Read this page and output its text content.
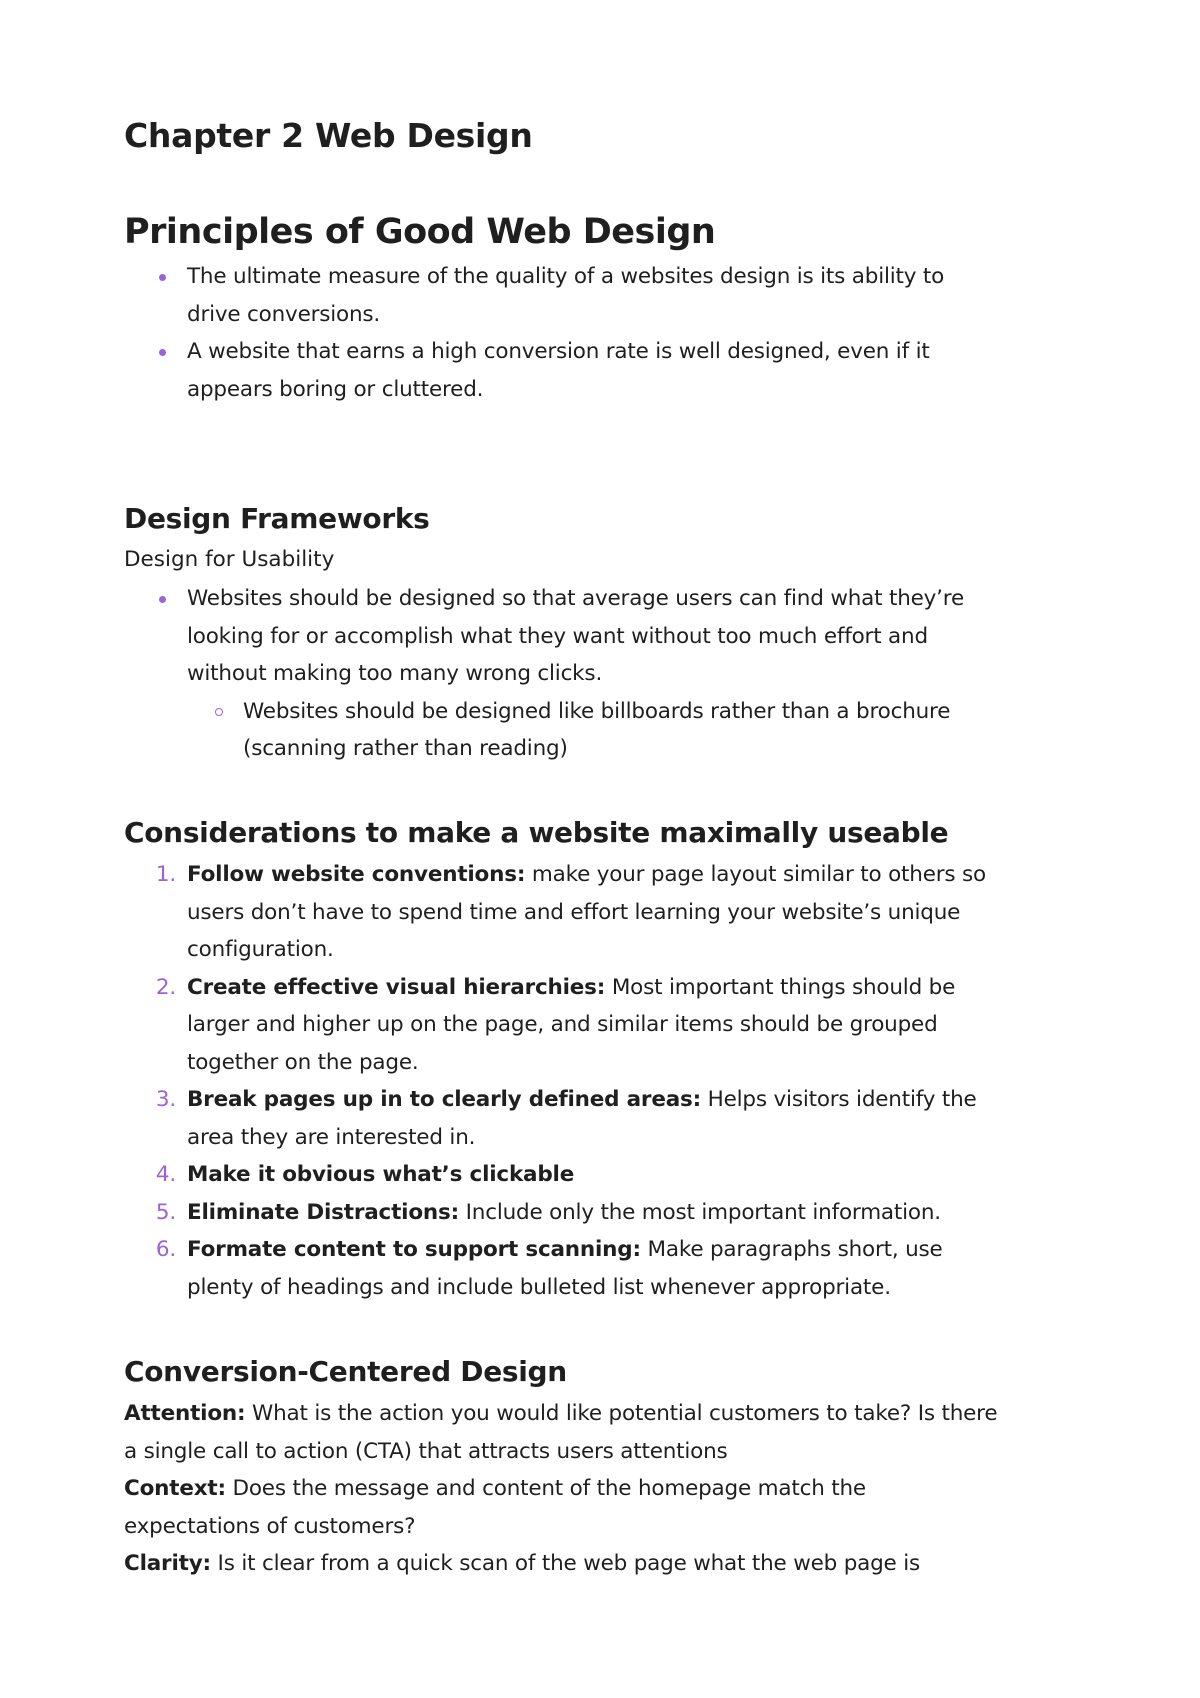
Chapter 2 Web Design
Principles of Good Web Design
The ultimate measure of the quality of a websites design is its ability to drive conversions.
A website that earns a high conversion rate is well designed, even if it appears boring or cluttered.
Design Frameworks
Design for Usability
Websites should be designed so that average users can find what they’re looking for or accomplish what they want without too much effort and without making too many wrong clicks.
Websites should be designed like billboards rather than a brochure (scanning rather than reading)
Considerations to make a website maximally useable
1. Follow website conventions: make your page layout similar to others so users don’t have to spend time and effort learning your website’s unique configuration.
2. Create effective visual hierarchies: Most important things should be larger and higher up on the page, and similar items should be grouped together on the page.
3. Break pages up in to clearly defined areas: Helps visitors identify the area they are interested in.
4. Make it obvious what’s clickable
5. Eliminate Distractions: Include only the most important information.
6. Formate content to support scanning: Make paragraphs short, use plenty of headings and include bulleted list whenever appropriate.
Conversion-Centered Design
Attention: What is the action you would like potential customers to take? Is there a single call to action (CTA) that attracts users attentions
Context: Does the message and content of the homepage match the expectations of customers?
Clarity: Is it clear from a quick scan of the web page what the web page is
